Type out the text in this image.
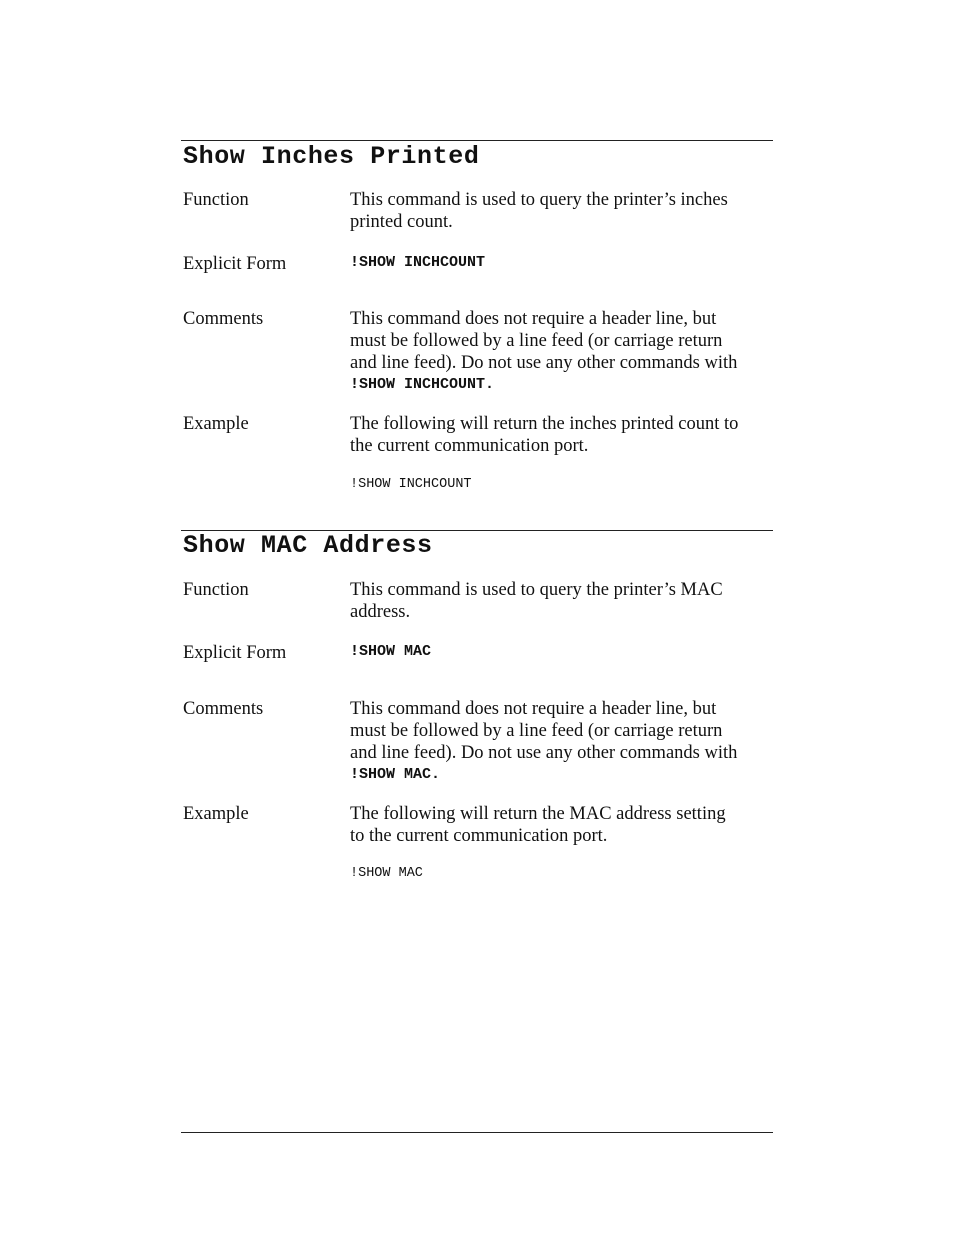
Show Inches Printed
Function	This command is used to query the printer’s inches
printed count.
Explicit Form	!SHOW INCHCOUNT
Comments	This command does not require a header line, but
must be followed by a line feed (or carriage return
and line feed). Do not use any other commands with
!SHOW INCHCOUNT.
Example	The following will return the inches printed count to
the current communication port.
!SHOW INCHCOUNT
Show MAC Address
Function	This command is used to query the printer’s MAC
address.
Explicit Form	!SHOW MAC
Comments	This command does not require a header line, but
must be followed by a line feed (or carriage return
and line feed). Do not use any other commands with
!SHOW MAC.
Example	The following will return the MAC address setting
to the current communication port.
!SHOW MAC
